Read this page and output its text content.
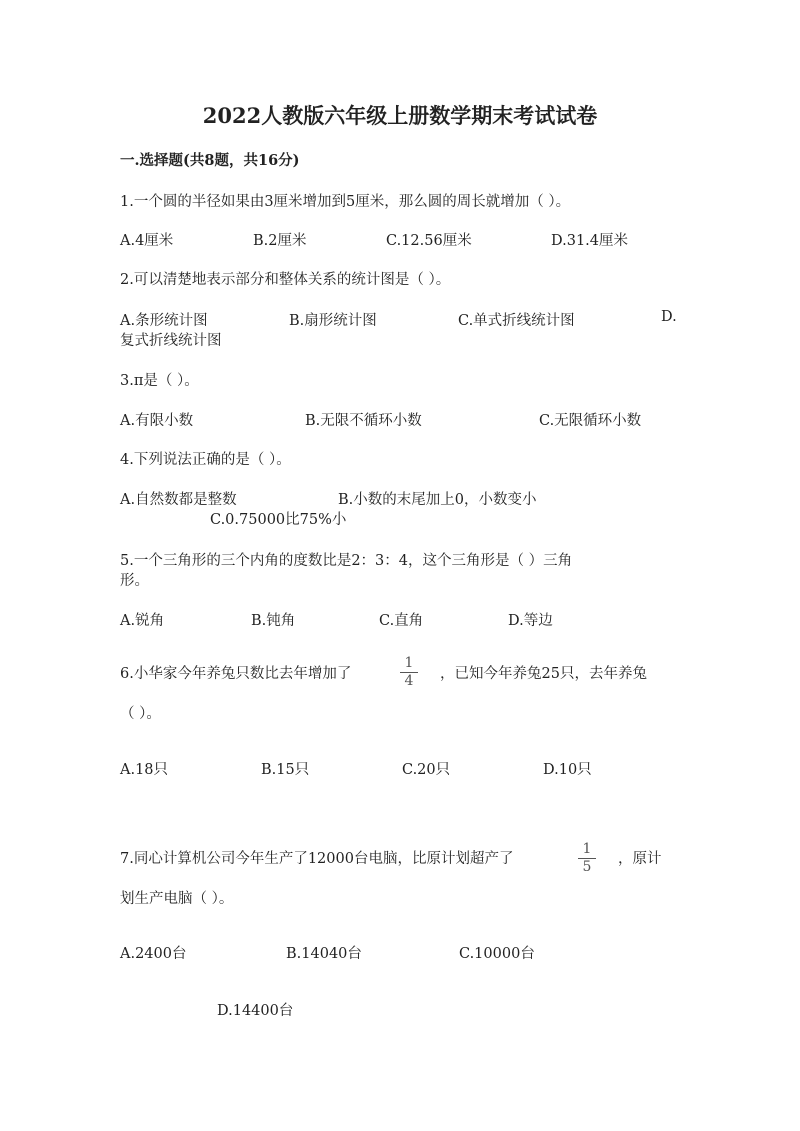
2022人教版六年级上册数学期末考试试卷
一.选择题(共8题，共16分)
1.一个圆的半径如果由3厘米增加到5厘米，那么圆的周长就增加（ ）。
A.4厘米	B.2厘米	C.12.56厘米	D.31.4厘米
2.可以清楚地表示部分和整体关系的统计图是（ ）。
A.条形统计图	B.扇形统计图	C.单式折线统计图	D.
复式折线统计图
3.π是（ ）。
A.有限小数	B.无限不循环小数	C.无限循环小数
4.下列说法正确的是（ ）。
A.自然数都是整数	B.小数的末尾加上0，小数变小
C.0.75000比75%小
5.一个三角形的三个内角的度数比是2：3：4，这个三角形是（ ）三角
形。
A.锐角	B.钝角	C.直角	D.等边
6.小华家今年养兔只数比去年增加了
1
4	，已知今年养兔25只，去年养兔
（ ）。
A.18只	B.15只	C.20只	D.10只
7.同心计算机公司今年生产了12000台电脑，比原计划超产了
1
5	，原计
划生产电脑（ ）。
A.2400台	B.14040台	C.10000台
D.14400台
